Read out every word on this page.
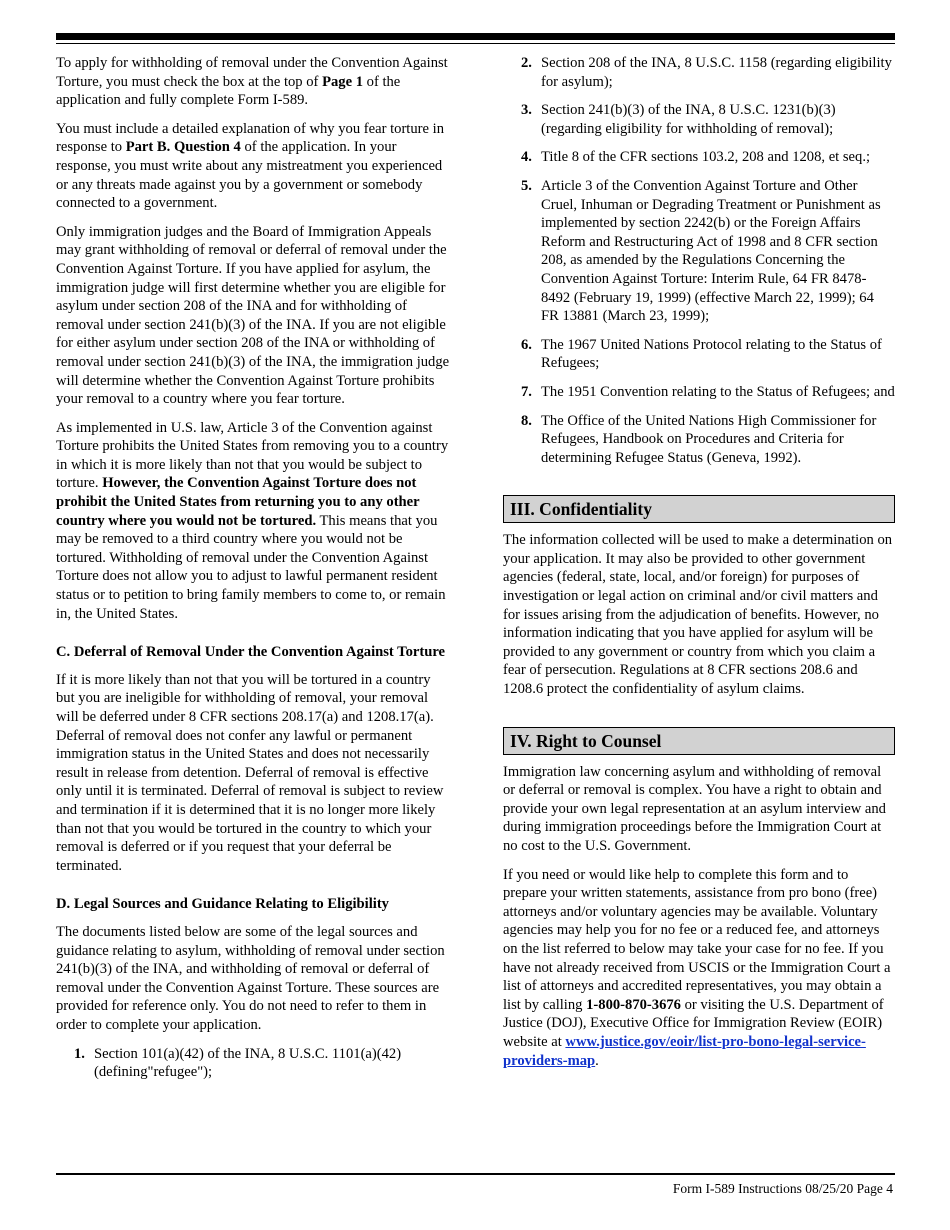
To apply for withholding of removal under the Convention Against Torture, you must check the box at the top of Page 1 of the application and fully complete Form I-589.

You must include a detailed explanation of why you fear torture in response to Part B. Question 4 of the application. In your response, you must write about any mistreatment you experienced or any threats made against you by a government or somebody connected to a government.

Only immigration judges and the Board of Immigration Appeals may grant withholding of removal or deferral of removal under the Convention Against Torture. If you have applied for asylum, the immigration judge will first determine whether you are eligible for asylum under section 208 of the INA and for withholding of removal under section 241(b)(3) of the INA. If you are not eligible for either asylum under section 208 of the INA or withholding of removal under section 241(b)(3) of the INA, the immigration judge will determine whether the Convention Against Torture prohibits your removal to a country where you fear torture.

As implemented in U.S. law, Article 3 of the Convention against Torture prohibits the United States from removing you to a country in which it is more likely than not that you would be subject to torture. However, the Convention Against Torture does not prohibit the United States from returning you to any other country where you would not be tortured. This means that you may be removed to a third country where you would not be tortured. Withholding of removal under the Convention Against Torture does not allow you to adjust to lawful permanent resident status or to petition to bring family members to come to, or remain in, the United States.

C. Deferral of Removal Under the Convention Against Torture

If it is more likely than not that you will be tortured in a country but you are ineligible for withholding of removal, your removal will be deferred under 8 CFR sections 208.17(a) and 1208.17(a). Deferral of removal does not confer any lawful or permanent immigration status in the United States and does not necessarily result in release from detention. Deferral of removal is effective only until it is terminated. Deferral of removal is subject to review and termination if it is determined that it is no longer more likely than not that you would be tortured in the country to which your removal is deferred or if you request that your deferral be terminated.

D. Legal Sources and Guidance Relating to Eligibility

The documents listed below are some of the legal sources and guidance relating to asylum, withholding of removal under section 241(b)(3) of the INA, and withholding of removal or deferral of removal under the Convention Against Torture. These sources are provided for reference only. You do not need to refer to them in order to complete your application.

1. Section 101(a)(42) of the INA, 8 U.S.C. 1101(a)(42) (defining"refugee");
2. Section 208 of the INA, 8 U.S.C. 1158 (regarding eligibility for asylum);
3. Section 241(b)(3) of the INA, 8 U.S.C. 1231(b)(3) (regarding eligibility for withholding of removal);
4. Title 8 of the CFR sections 103.2, 208 and 1208, et seq.;
5. Article 3 of the Convention Against Torture and Other Cruel, Inhuman or Degrading Treatment or Punishment as implemented by section 2242(b) or the Foreign Affairs Reform and Restructuring Act of 1998 and 8 CFR section 208, as amended by the Regulations Concerning the Convention Against Torture: Interim Rule, 64 FR 8478-8492 (February 19, 1999) (effective March 22, 1999); 64 FR 13881 (March 23, 1999);
6. The 1967 United Nations Protocol relating to the Status of Refugees;
7. The 1951 Convention relating to the Status of Refugees; and
8. The Office of the United Nations High Commissioner for Refugees, Handbook on Procedures and Criteria for determining Refugee Status (Geneva, 1992).
III. Confidentiality

The information collected will be used to make a determination on your application. It may also be provided to other government agencies (federal, state, local, and/or foreign) for purposes of investigation or legal action on criminal and/or civil matters and for issues arising from the adjudication of benefits. However, no information indicating that you have applied for asylum will be provided to any government or country from which you claim a fear of persecution. Regulations at 8 CFR sections 208.6 and 1208.6 protect the confidentiality of asylum claims.

IV. Right to Counsel

Immigration law concerning asylum and withholding of removal or deferral or removal is complex. You have a right to obtain and provide your own legal representation at an asylum interview and during immigration proceedings before the Immigration Court at no cost to the U.S. Government.

If you need or would like help to complete this form and to prepare your written statements, assistance from pro bono (free) attorneys and/or voluntary agencies may be available. Voluntary agencies may help you for no fee or a reduced fee, and attorneys on the list referred to below may take your case for no fee. If you have not already received from USCIS or the Immigration Court a list of attorneys and accredited representatives, you may obtain a list by calling 1-800-870-3676 or visiting the U.S. Department of Justice (DOJ), Executive Office for Immigration Review (EOIR) website at www.justice.gov/eoir/list-pro-bono-legal-service-providers-map.

Form I-589 Instructions 08/25/20 Page 4
